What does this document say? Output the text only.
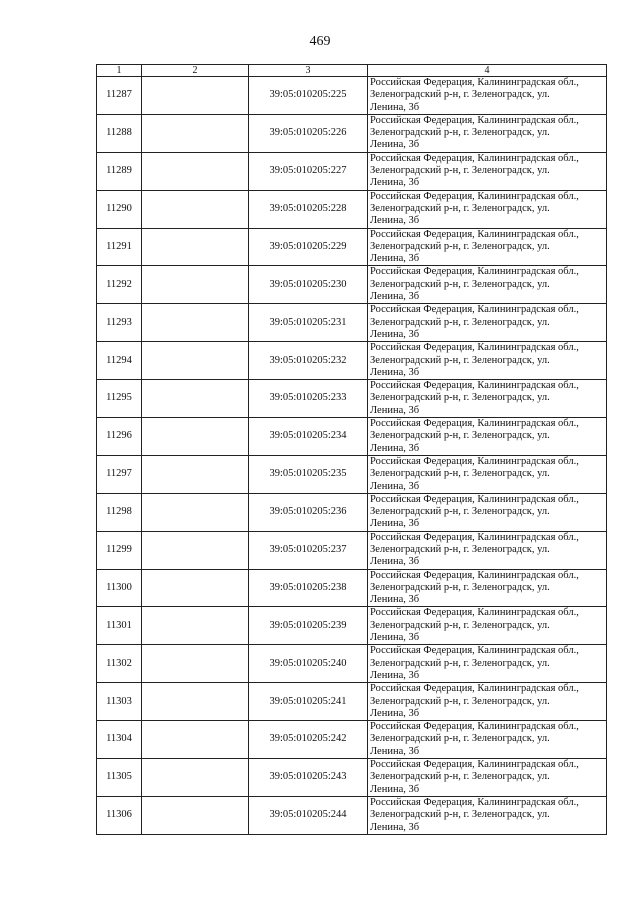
469
1	2	3	4
11287		39:05:010205:225	Российская Федерация, Калининградская обл.,
Зеленоградский р-н, г. Зеленоградск, ул.
Ленина, 3б
11288		39:05:010205:226	Российская Федерация, Калининградская обл.,
Зеленоградский р-н, г. Зеленоградск, ул.
Ленина, 3б
11289		39:05:010205:227	Российская Федерация, Калининградская обл.,
Зеленоградский р-н, г. Зеленоградск, ул.
Ленина, 3б
11290		39:05:010205:228	Российская Федерация, Калининградская обл.,
Зеленоградский р-н, г. Зеленоградск, ул.
Ленина, 3б
11291		39:05:010205:229	Российская Федерация, Калининградская обл.,
Зеленоградский р-н, г. Зеленоградск, ул.
Ленина, 3б
11292		39:05:010205:230	Российская Федерация, Калининградская обл.,
Зеленоградский р-н, г. Зеленоградск, ул.
Ленина, 3б
11293		39:05:010205:231	Российская Федерация, Калининградская обл.,
Зеленоградский р-н, г. Зеленоградск, ул.
Ленина, 3б
11294		39:05:010205:232	Российская Федерация, Калининградская обл.,
Зеленоградский р-н, г. Зеленоградск, ул.
Ленина, 3б
11295		39:05:010205:233	Российская Федерация, Калининградская обл.,
Зеленоградский р-н, г. Зеленоградск, ул.
Ленина, 3б
11296		39:05:010205:234	Российская Федерация, Калининградская обл.,
Зеленоградский р-н, г. Зеленоградск, ул.
Ленина, 3б
11297		39:05:010205:235	Российская Федерация, Калининградская обл.,
Зеленоградский р-н, г. Зеленоградск, ул.
Ленина, 3б
11298		39:05:010205:236	Российская Федерация, Калининградская обл.,
Зеленоградский р-н, г. Зеленоградск, ул.
Ленина, 3б
11299		39:05:010205:237	Российская Федерация, Калининградская обл.,
Зеленоградский р-н, г. Зеленоградск, ул.
Ленина, 3б
11300		39:05:010205:238	Российская Федерация, Калининградская обл.,
Зеленоградский р-н, г. Зеленоградск, ул.
Ленина, 3б
11301		39:05:010205:239	Российская Федерация, Калининградская обл.,
Зеленоградский р-н, г. Зеленоградск, ул.
Ленина, 3б
11302		39:05:010205:240	Российская Федерация, Калининградская обл.,
Зеленоградский р-н, г. Зеленоградск, ул.
Ленина, 3б
11303		39:05:010205:241	Российская Федерация, Калининградская обл.,
Зеленоградский р-н, г. Зеленоградск, ул.
Ленина, 3б
11304		39:05:010205:242	Российская Федерация, Калининградская обл.,
Зеленоградский р-н, г. Зеленоградск, ул.
Ленина, 3б
11305		39:05:010205:243	Российская Федерация, Калининградская обл.,
Зеленоградский р-н, г. Зеленоградск, ул.
Ленина, 3б
11306		39:05:010205:244	Российская Федерация, Калининградская обл.,
Зеленоградский р-н, г. Зеленоградск, ул.
Ленина, 3б
